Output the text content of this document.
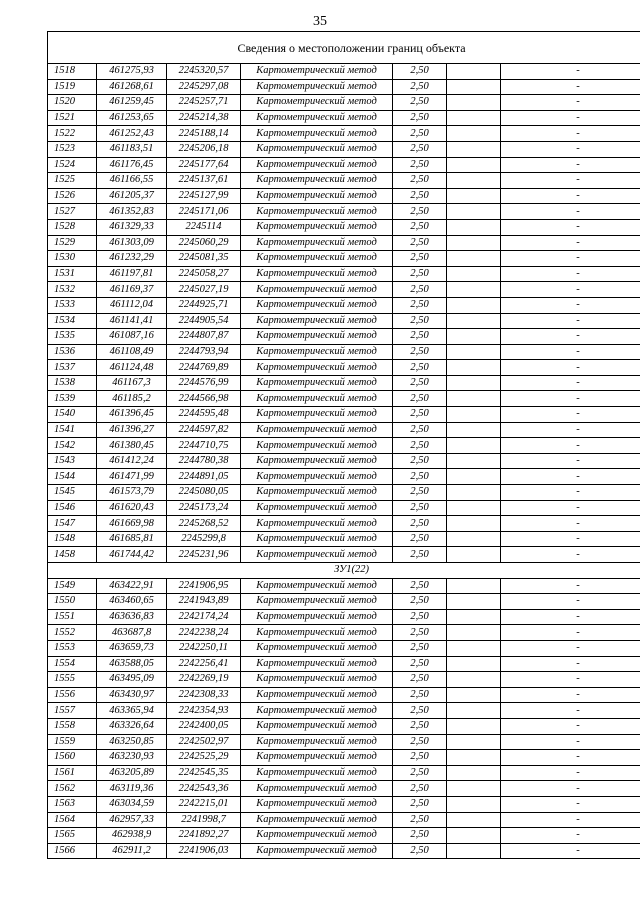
35
Сведения о местоположении границ объекта						
1518	461275,93	2245320,57	Картометрический метод	2,50		-
1519	461268,61	2245297,08	Картометрический метод	2,50		-
1520	461259,45	2245257,71	Картометрический метод	2,50		-
1521	461253,65	2245214,38	Картометрический метод	2,50		-
1522	461252,43	2245188,14	Картометрический метод	2,50		-
1523	461183,51	2245206,18	Картометрический метод	2,50		-
1524	461176,45	2245177,64	Картометрический метод	2,50		-
1525	461166,55	2245137,61	Картометрический метод	2,50		-
1526	461205,37	2245127,99	Картометрический метод	2,50		-
1527	461352,83	2245171,06	Картометрический метод	2,50		-
1528	461329,33	2245114	Картометрический метод	2,50		-
1529	461303,09	2245060,29	Картометрический метод	2,50		-
1530	461232,29	2245081,35	Картометрический метод	2,50		-
1531	461197,81	2245058,27	Картометрический метод	2,50		-
1532	461169,37	2245027,19	Картометрический метод	2,50		-
1533	461112,04	2244925,71	Картометрический метод	2,50		-
1534	461141,41	2244905,54	Картометрический метод	2,50		-
1535	461087,16	2244807,87	Картометрический метод	2,50		-
1536	461108,49	2244793,94	Картометрический метод	2,50		-
1537	461124,48	2244769,89	Картометрический метод	2,50		-
1538	461167,3	2244576,99	Картометрический метод	2,50		-
1539	461185,2	2244566,98	Картометрический метод	2,50		-
1540	461396,45	2244595,48	Картометрический метод	2,50		-
1541	461396,27	2244597,82	Картометрический метод	2,50		-
1542	461380,45	2244710,75	Картометрический метод	2,50		-
1543	461412,24	2244780,38	Картометрический метод	2,50		-
1544	461471,99	2244891,05	Картометрический метод	2,50		-
1545	461573,79	2245080,05	Картометрический метод	2,50		-
1546	461620,43	2245173,24	Картометрический метод	2,50		-
1547	461669,98	2245268,52	Картометрический метод	2,50		-
1548	461685,81	2245299,8	Картометрический метод	2,50		-
1458	461744,42	2245231,96	Картометрический метод	2,50		-
ЗУ1(22)						
1549	463422,91	2241906,95	Картометрический метод	2,50		-
1550	463460,65	2241943,89	Картометрический метод	2,50		-
1551	463636,83	2242174,24	Картометрический метод	2,50		-
1552	463687,8	2242238,24	Картометрический метод	2,50		-
1553	463659,73	2242250,11	Картометрический метод	2,50		-
1554	463588,05	2242256,41	Картометрический метод	2,50		-
1555	463495,09	2242269,19	Картометрический метод	2,50		-
1556	463430,97	2242308,33	Картометрический метод	2,50		-
1557	463365,94	2242354,93	Картометрический метод	2,50		-
1558	463326,64	2242400,05	Картометрический метод	2,50		-
1559	463250,85	2242502,97	Картометрический метод	2,50		-
1560	463230,93	2242525,29	Картометрический метод	2,50		-
1561	463205,89	2242545,35	Картометрический метод	2,50		-
1562	463119,36	2242543,36	Картометрический метод	2,50		-
1563	463034,59	2242215,01	Картометрический метод	2,50		-
1564	462957,33	2241998,7	Картометрический метод	2,50		-
1565	462938,9	2241892,27	Картометрический метод	2,50		-
1566	462911,2	2241906,03	Картометрический метод	2,50		-
